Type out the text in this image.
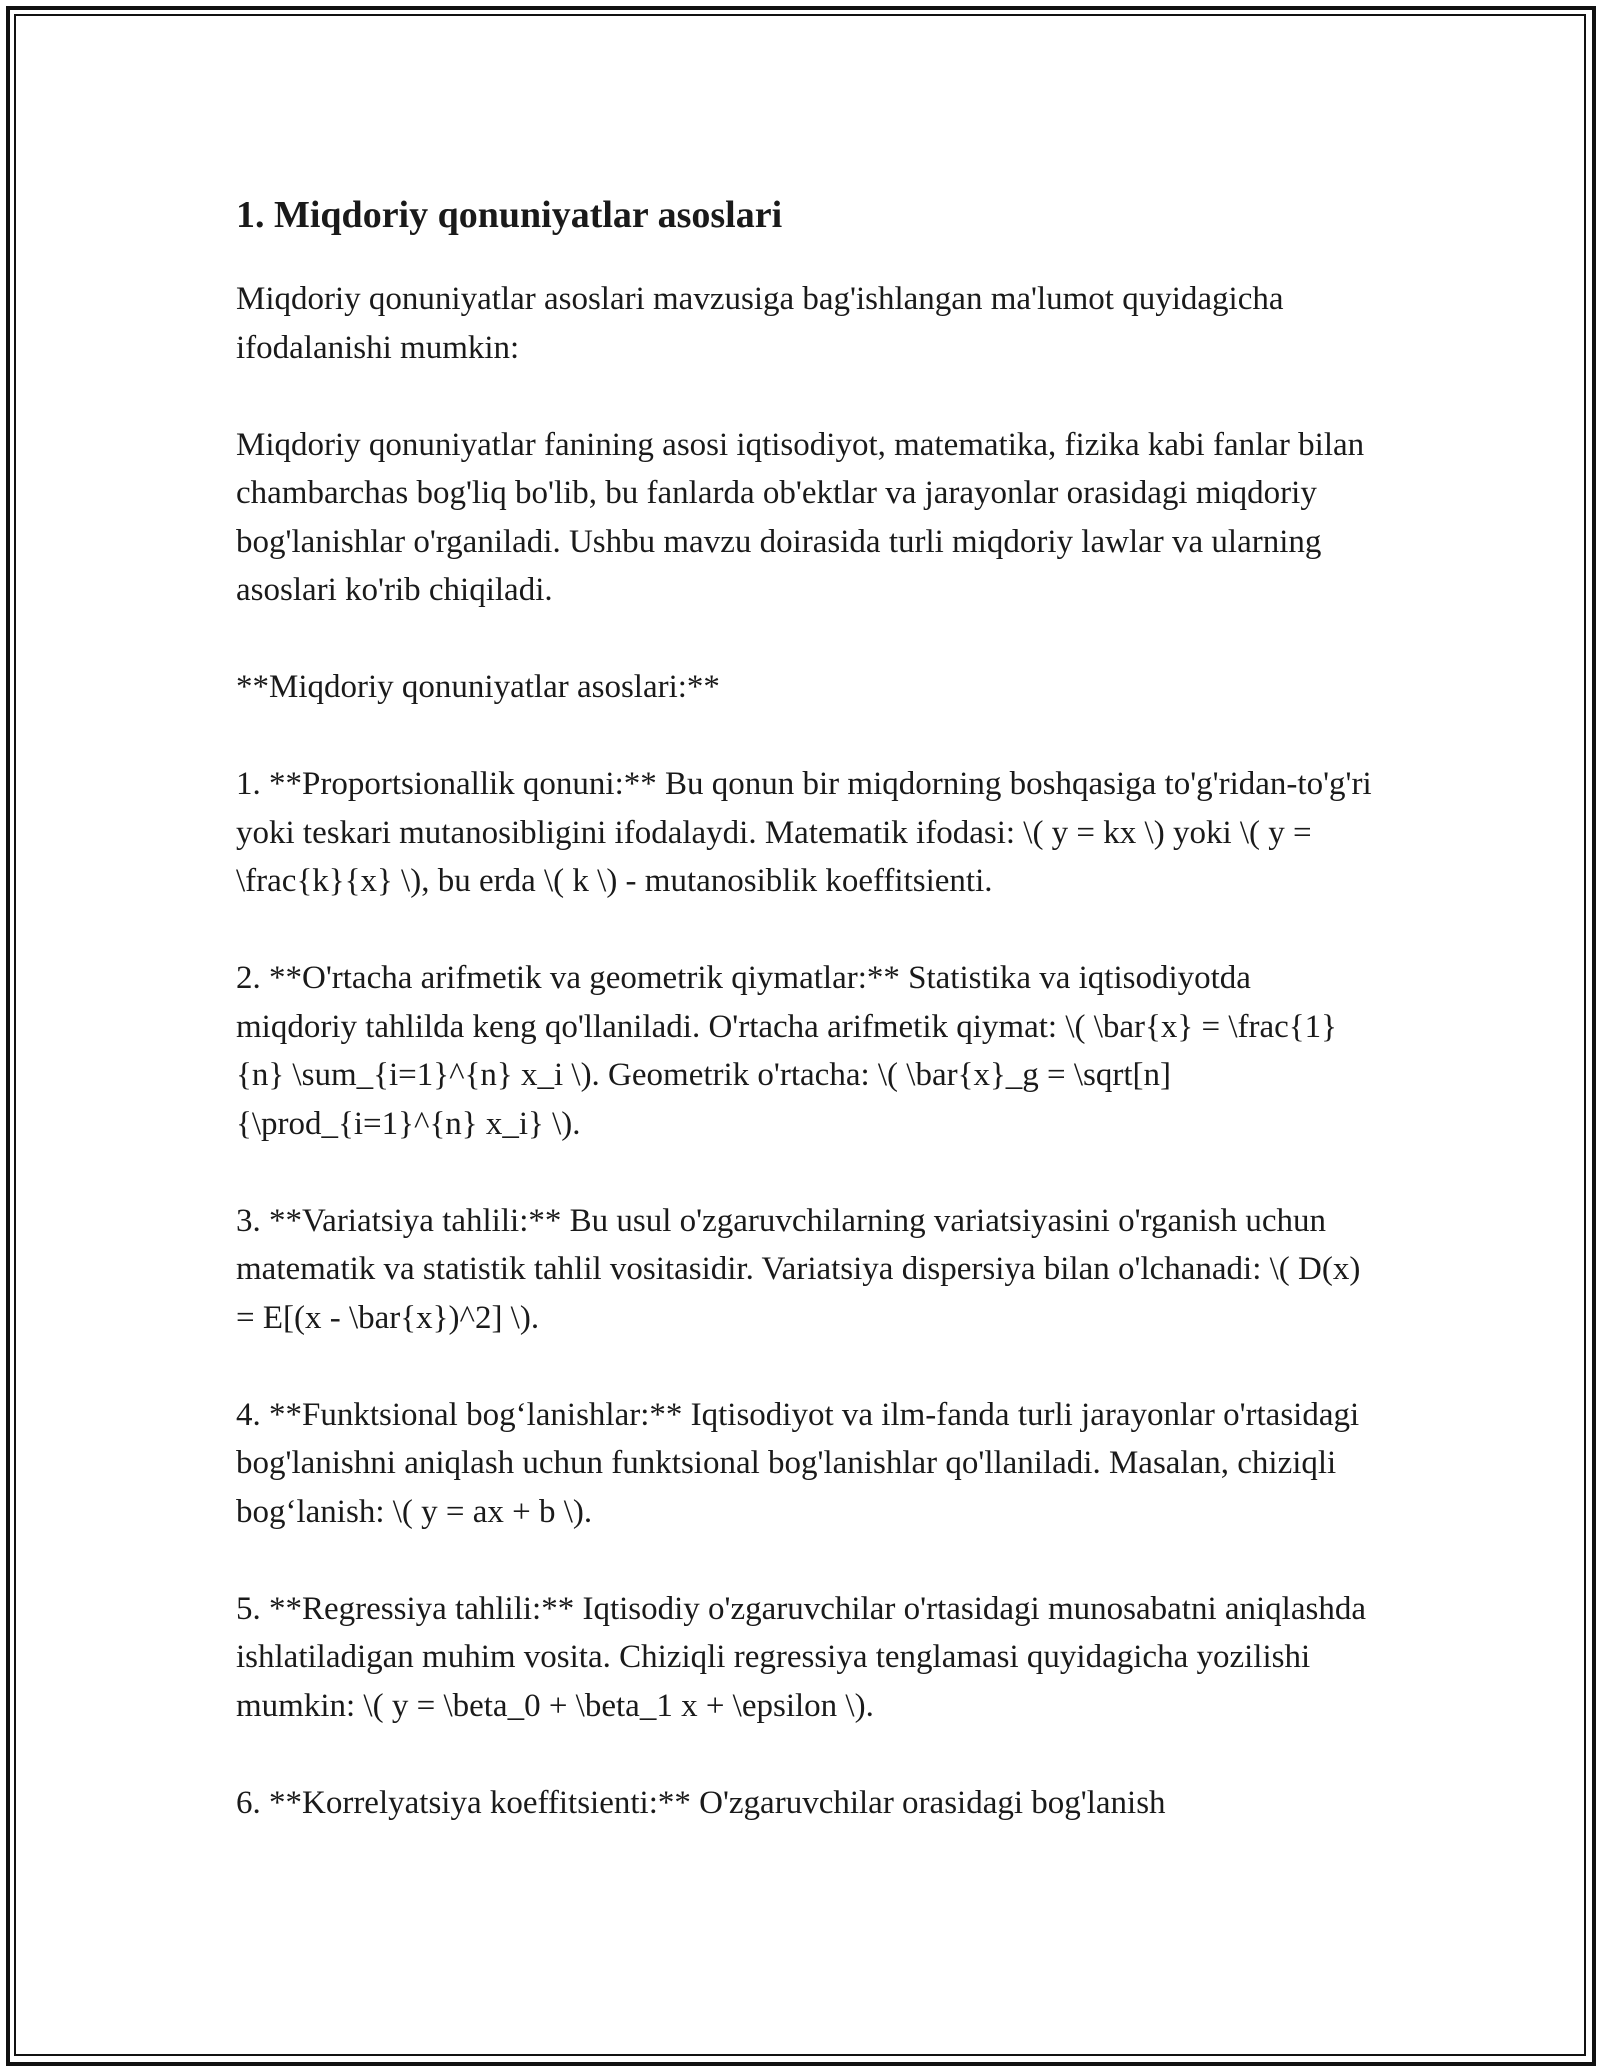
1. Miqdoriy qonuniyatlar asoslari
Miqdoriy qonuniyatlar asoslari mavzusiga bag'ishlangan ma'lumot quyidagicha ifodalanishi mumkin:
Miqdoriy qonuniyatlar fanining asosi iqtisodiyot, matematika, fizika kabi fanlar bilan chambarchas bog'liq bo'lib, bu fanlarda ob'ektlar va jarayonlar orasidagi miqdoriy bog'lanishlar o'rganiladi. Ushbu mavzu doirasida turli miqdoriy lawlar va ularning asoslari ko'rib chiqiladi.
**Miqdoriy qonuniyatlar asoslari:**
1. **Proportsionallik qonuni:** Bu qonun bir miqdorning boshqasiga to'g'ridan-to'g'ri yoki teskari mutanosibligini ifodalaydi. Matematik ifodasi: \( y = kx \) yoki \( y = \frac{k}{x} \), bu erda \( k \) - mutanosiblik koeffitsienti.
2. **O'rtacha arifmetik va geometrik qiymatlar:** Statistika va iqtisodiyotda miqdoriy tahlilda keng qo'llaniladi. O'rtacha arifmetik qiymat: \( \bar{x} = \frac{1}{n} \sum_{i=1}^{n} x_i \). Geometrik o'rtacha: \( \bar{x}_g = \sqrt[n]{\prod_{i=1}^{n} x_i} \).
3. **Variatsiya tahlili:** Bu usul o'zgaruvchilarning variatsiyasini o'rganish uchun matematik va statistik tahlil vositasidir. Variatsiya dispersiya bilan o'lchanadi: \( D(x) = E[(x - \bar{x})^2] \).
4. **Funktsional bog‘lanishlar:** Iqtisodiyot va ilm-fanda turli jarayonlar o'rtasidagi bog'lanishni aniqlash uchun funktsional bog'lanishlar qo'llaniladi. Masalan, chiziqli bog‘lanish: \( y = ax + b \).
5. **Regressiya tahlili:** Iqtisodiy o'zgaruvchilar o'rtasidagi munosabatni aniqlashda ishlatiladigan muhim vosita. Chiziqli regressiya tenglamasi quyidagicha yozilishi mumkin: \( y = \beta_0 + \beta_1 x + \epsilon \).
6. **Korrelyatsiya koeffitsienti:** O'zgaruvchilar orasidagi bog'lanish
